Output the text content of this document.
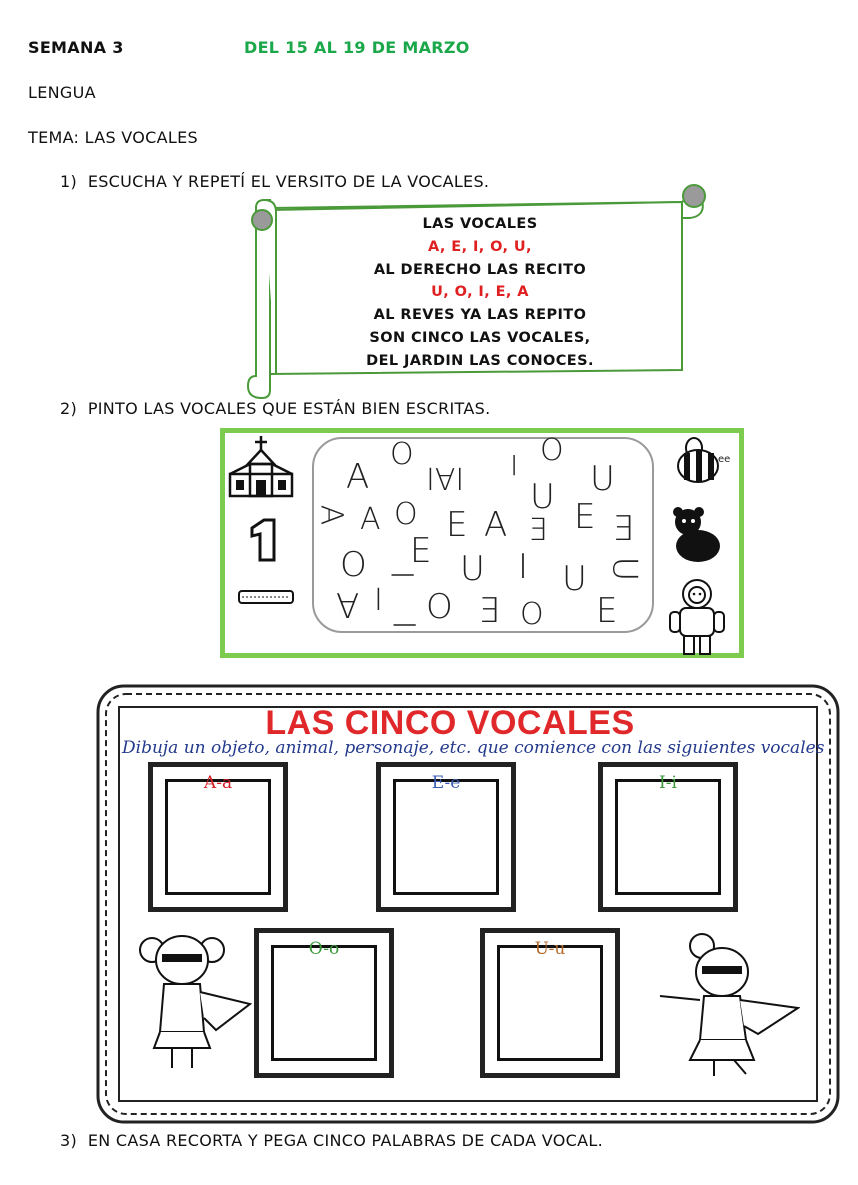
SEMANA 3	DEL 15 AL 19 DE MARZO
LENGUA
TEMA: LAS VOCALES
1) ESCUCHA Y REPETÍ EL VERSITO DE LA VOCALES.
LAS VOCALES
A, E, I, O, U,
AL DERECHO LAS RECITO
U, O, I, E, A
AL REVES YA LAS REPITO
SON CINCO LAS VOCALES,
DEL JARDIN LAS CONOCES.
2) PINTO LAS VOCALES QUE ESTÁN BIEN ESCRITAS.
ee
A
O
I∀I I O
U U
A A O E A Ǝ E Ǝ
O E U I U U
I
∀ I O Ǝ O E
I
LAS CINCO VOCALES
Dibuja un objeto, animal, personaje, etc. que comience con las siguientes vocales
A-a	E-e	I-i
O-o	U-u
3) EN CASA RECORTA Y PEGA CINCO PALABRAS DE CADA VOCAL.
